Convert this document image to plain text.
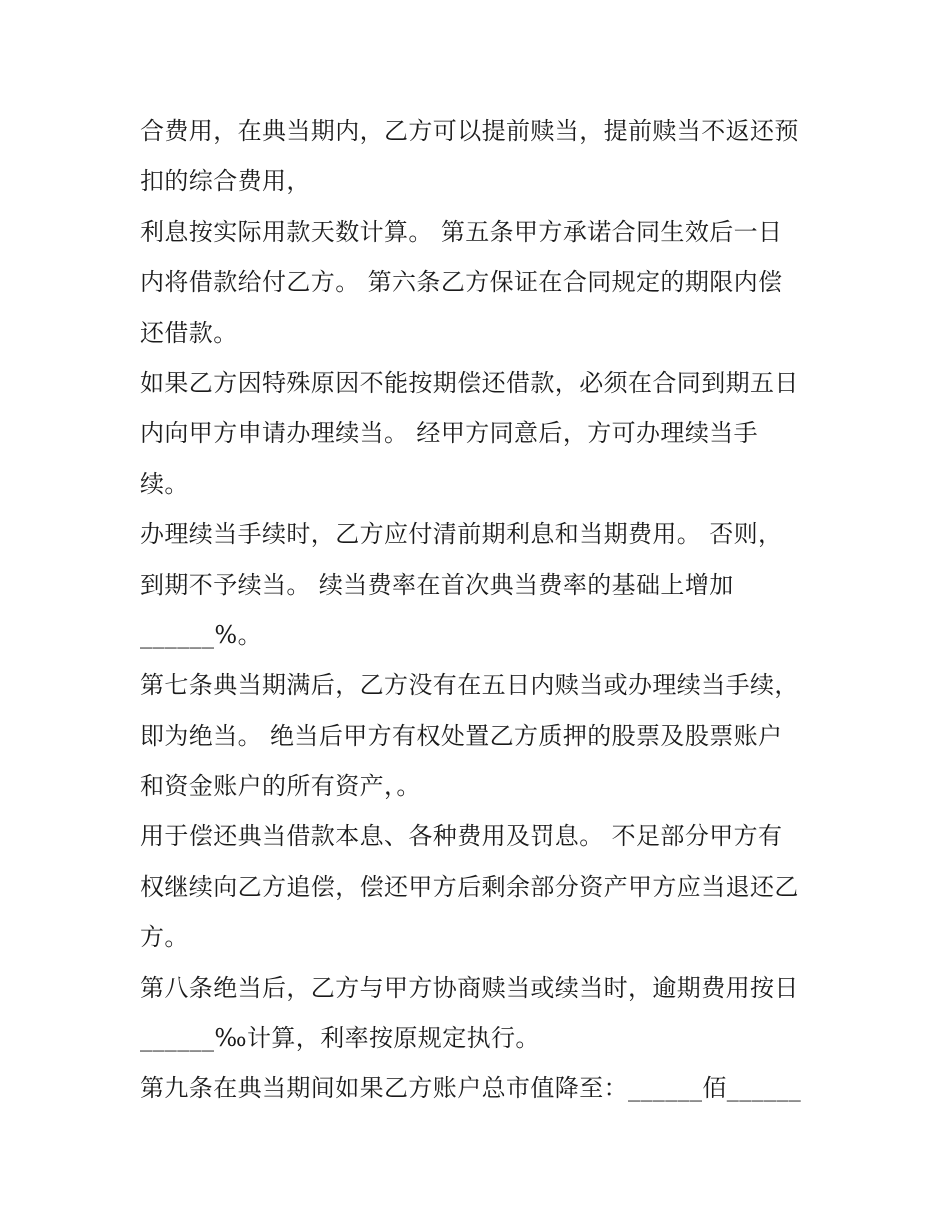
合费用，在典当期内，乙方可以提前赎当，提前赎当不返还预
扣的综合费用，
利息按实际用款天数计算。 第五条甲方承诺合同生效后一日
内将借款给付乙方。 第六条乙方保证在合同规定的期限内偿
还借款。
如果乙方因特殊原因不能按期偿还借款，必须在合同到期五日
内向甲方申请办理续当。 经甲方同意后，方可办理续当手
续。
办理续当手续时，乙方应付清前期利息和当期费用。 否则，
到期不予续当。 续当费率在首次典当费率的基础上增加
______%。
第七条典当期满后，乙方没有在五日内赎当或办理续当手续，
即为绝当。 绝当后甲方有权处置乙方质押的股票及股票账户
和资金账户的所有资产，。
用于偿还典当借款本息、各种费用及罚息。 不足部分甲方有
权继续向乙方追偿，偿还甲方后剩余部分资产甲方应当退还乙
方。
第八条绝当后，乙方与甲方协商赎当或续当时，逾期费用按日
______‰计算，利率按原规定执行。
第九条在典当期间如果乙方账户总市值降至：______佰______
